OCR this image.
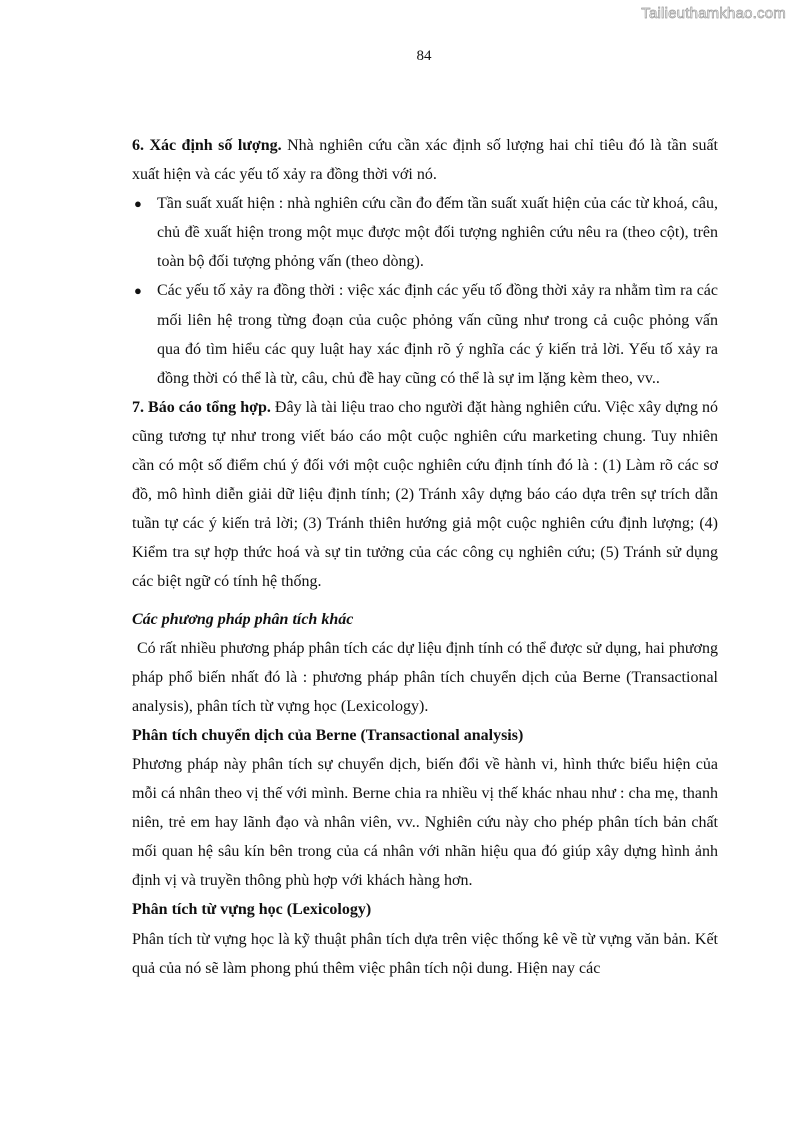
Tailieuthamkhao.com
84

6. Xác định số lượng. Nhà nghiên cứu cần xác định số lượng hai chỉ tiêu đó là tần suất xuất hiện và các yếu tố xảy ra đồng thời với nó.

● Tần suất xuất hiện : nhà nghiên cứu cần đo đếm tần suất xuất hiện của các từ khoá, câu, chủ đề xuất hiện trong một mục được một đối tượng nghiên cứu nêu ra (theo cột), trên toàn bộ đối tượng phỏng vấn (theo dòng).
● Các yếu tố xảy ra đồng thời : việc xác định các yếu tố đồng thời xảy ra nhằm tìm ra các mối liên hệ trong từng đoạn của cuộc phỏng vấn cũng như trong cả cuộc phỏng vấn qua đó tìm hiểu các quy luật hay xác định rõ ý nghĩa các ý kiến trả lời. Yếu tố xảy ra đồng thời có thể là từ, câu, chủ đề hay cũng có thể là sự im lặng kèm theo, vv..

7. Báo cáo tổng hợp. Đây là tài liệu trao cho người đặt hàng nghiên cứu. Việc xây dựng nó cũng tương tự như trong viết báo cáo một cuộc nghiên cứu marketing chung. Tuy nhiên cần có một số điểm chú ý đối với một cuộc nghiên cứu định tính đó là : (1) Làm rõ các sơ đồ, mô hình diễn giải dữ liệu định tính; (2) Tránh xây dựng báo cáo dựa trên sự trích dẫn tuần tự các ý kiến trả lời; (3) Tránh thiên hướng giả một cuộc nghiên cứu định lượng; (4) Kiểm tra sự hợp thức hoá và sự tin tưởng của các công cụ nghiên cứu; (5) Tránh sử dụng các biệt ngữ có tính hệ thống.

Các phương pháp phân tích khác

Có rất nhiều phương pháp phân tích các dự liệu định tính có thể được sử dụng, hai phương pháp phổ biến nhất đó là : phương pháp phân tích chuyển dịch của Berne (Transactional analysis), phân tích từ vựng học (Lexicology).

Phân tích chuyển dịch của Berne (Transactional analysis)

Phương pháp này phân tích sự chuyển dịch, biến đổi về hành vi, hình thức biểu hiện của mỗi cá nhân theo vị thế với mình. Berne chia ra nhiều vị thế khác nhau như : cha mẹ, thanh niên, trẻ em hay lãnh đạo và nhân viên, vv.. Nghiên cứu này cho phép phân tích bản chất mối quan hệ sâu kín bên trong của cá nhân với nhãn hiệu qua đó giúp xây dựng hình ảnh định vị và truyền thông phù hợp với khách hàng hơn.

Phân tích từ vựng học (Lexicology)

Phân tích từ vựng học là kỹ thuật phân tích dựa trên việc thống kê về từ vựng văn bản. Kết quả của nó sẽ làm phong phú thêm việc phân tích nội dung. Hiện nay các
